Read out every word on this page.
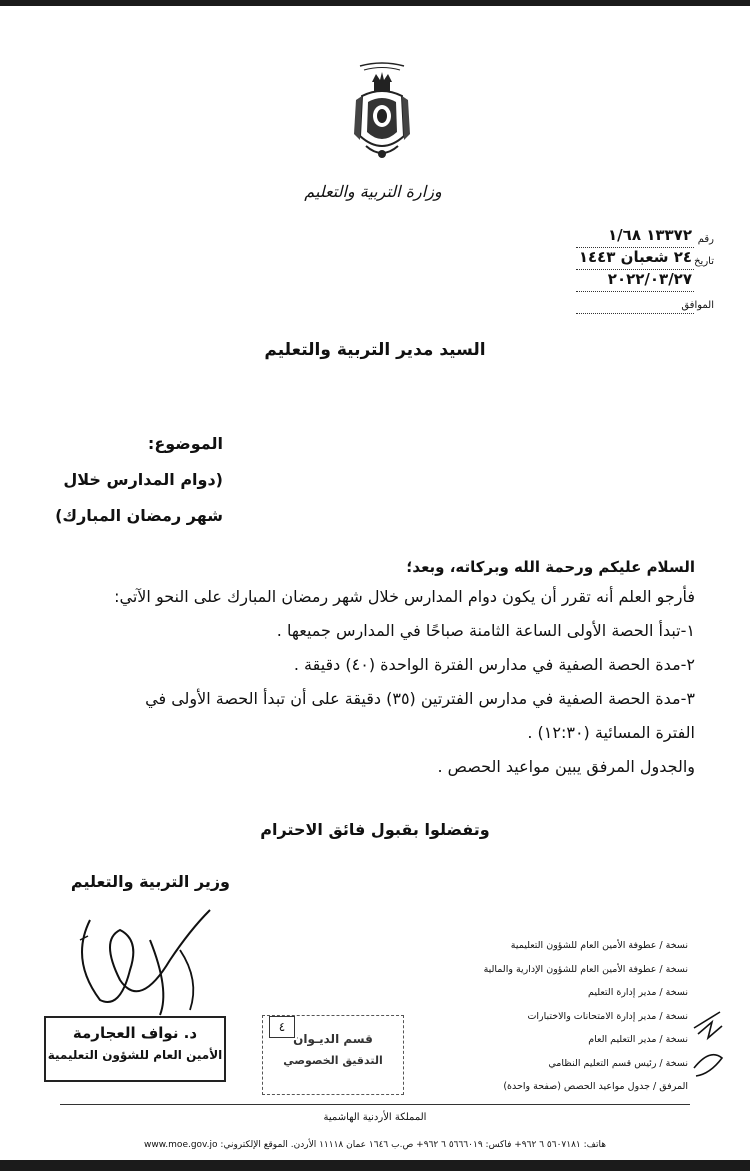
وزارة التربية والتعليم
١٣٣٧٢ ١/٦٨ رقم
٢٤ شعبان ١٤٤٣ تاريخ
٢٠٢٢/٠٣/٢٧
الموافق
السيد مدير التربية والتعليم
الموضوع:
(دوام المدارس خلال
شهر رمضان المبارك)
السلام عليكم ورحمة الله وبركاته، وبعد؛
فأرجو العلم أنه تقرر أن يكون دوام المدارس خلال شهر رمضان المبارك على النحو الآتي:
١-تبدأ الحصة الأولى الساعة الثامنة صباحًا في المدارس جميعها .
٢-مدة الحصة الصفية في مدارس الفترة الواحدة (٤٠) دقيقة .
٣-مدة الحصة الصفية في مدارس الفترتين (٣٥) دقيقة على أن تبدأ الحصة الأولى في
الفترة المسائية (١٢:٣٠) .
والجدول المرفق يبين مواعيد الحصص .
وتفضلوا بقبول فائق الاحترام
وزير التربية والتعليم
د. نواف العجارمة
الأمين العام للشؤون التعليمية
٤
قسم الديـوان
التدقيق الخصوصي
نسخة / عطوفة الأمين العام للشؤون التعليمية
نسخة / عطوفة الأمين العام للشؤون الإدارية والمالية
نسخة / مدير إدارة التعليم
نسخة / مدير إدارة الامتحانات والاختبارات
نسخة / مدير التعليم العام
نسخة / رئيس قسم التعليم النظامي
المرفق / جدول مواعيد الحصص (صفحة واحدة)
المملكة الأردنية الهاشمية
هاتف: ٥٦٠٧١٨١ ٦ ٩٦٢+ فاكس: ٥٦٦٦٠١٩ ٦ ٩٦٢+ ص.ب ١٦٤٦ عمان ١١١١٨ الأردن. الموقع الإلكتروني: www.moe.gov.jo
